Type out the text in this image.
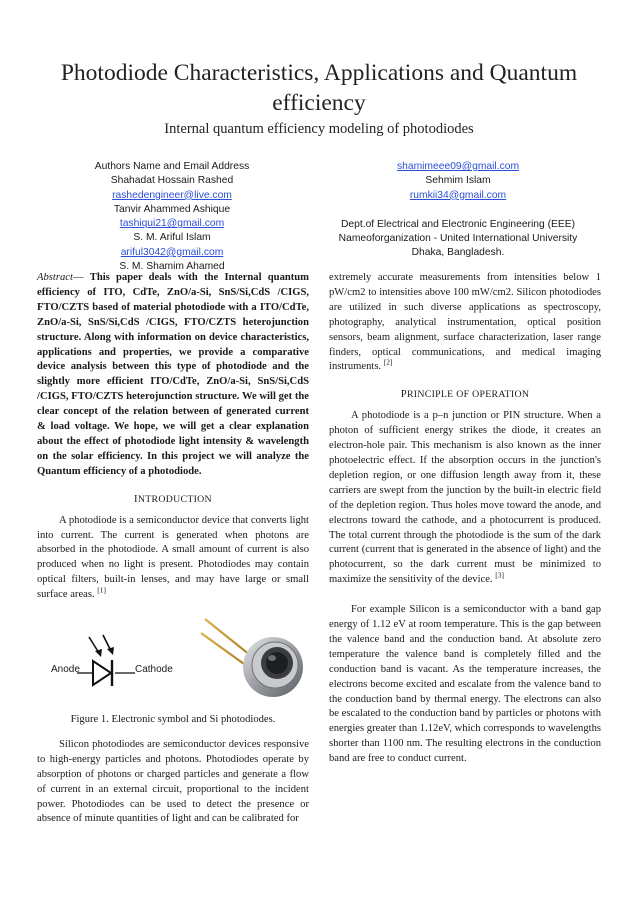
Photodiode Characteristics, Applications and Quantum efficiency
Internal quantum efficiency modeling of photodiodes
Authors Name and Email Address
Shahadat Hossain Rashed
rashedengineer@live.com
Tanvir Ahammed Ashique
tashiqui21@gmail.com
S. M. Ariful Islam
ariful3042@gmail.com
S. M. Shamim Ahamed
shamimeee09@gmail.com
Sehmim Islam
rumkii34@gmail.com
Dept.of Electrical and Electronic Engineering (EEE)
Nameoforganization - United International University
Dhaka, Bangladesh.
Abstract— This paper deals with the Internal quantum efficiency of ITO, CdTe, ZnO/a-Si, SnS/Si,CdS /CIGS, FTO/CZTS based of material photodiode with a ITO/CdTe, ZnO/a-Si, SnS/Si,CdS /CIGS, FTO/CZTS heterojunction structure. Along with information on device characteristics, applications and properties, we provide a comparative device analysis between this type of photodiode and the slightly more efficient ITO/CdTe, ZnO/a-Si, SnS/Si,CdS /CIGS, FTO/CZTS heterojunction structure. We will get the clear concept of the relation between of generated current & load voltage. We hope, we will get a clear explanation about the effect of photodiode light intensity & wavelength on the solar efficiency. In this project we will analyze the Quantum efficiency of a photodiode.
INTRODUCTION

A photodiode is a semiconductor device that converts light into current. The current is generated when photons are absorbed in the photodiode. A small amount of current is also produced when no light is present. Photodiodes may contain optical filters, built-in lenses, and may have large or small surface areas. [1]

Anode	Cathode
Figure 1. Electronic symbol and Si photodiodes.

Silicon photodiodes are semiconductor devices responsive to high-energy particles and photons. Photodiodes operate by absorption of photons or charged particles and generate a flow of current in an external circuit, proportional to the incident power. Photodiodes can be used to detect the presence or absence of minute quantities of light and can be calibrated for

extremely accurate measurements from intensities below 1 pW/cm2 to intensities above 100 mW/cm2. Silicon photodiodes are utilized in such diverse applications as spectroscopy, photography, analytical instrumentation, optical position sensors, beam alignment, surface characterization, laser range finders, optical communications, and medical imaging instruments. [2]

PRINCIPLE OF OPERATION

A photodiode is a p–n junction or PIN structure. When a photon of sufficient energy strikes the diode, it creates an electron-hole pair. This mechanism is also known as the inner photoelectric effect. If the absorption occurs in the junction's depletion region, or one diffusion length away from it, these carriers are swept from the junction by the built-in electric field of the depletion region. Thus holes move toward the anode, and electrons toward the cathode, and a photocurrent is produced. The total current through the photodiode is the sum of the dark current (current that is generated in the absence of light) and the photocurrent, so the dark current must be minimized to maximize the sensitivity of the device. [3]

For example Silicon is a semiconductor with a band gap energy of 1.12 eV at room temperature. This is the gap between the valence band and the conduction band. At absolute zero temperature the valence band is completely filled and the conduction band is vacant. As the temperature increases, the electrons become excited and escalate from the valence band to the conduction band by thermal energy. The electrons can also be escalated to the conduction band by particles or photons with energies greater than 1.12eV, which corresponds to wavelengths shorter than 1100 nm. The resulting electrons in the conduction band are free to conduct current.
